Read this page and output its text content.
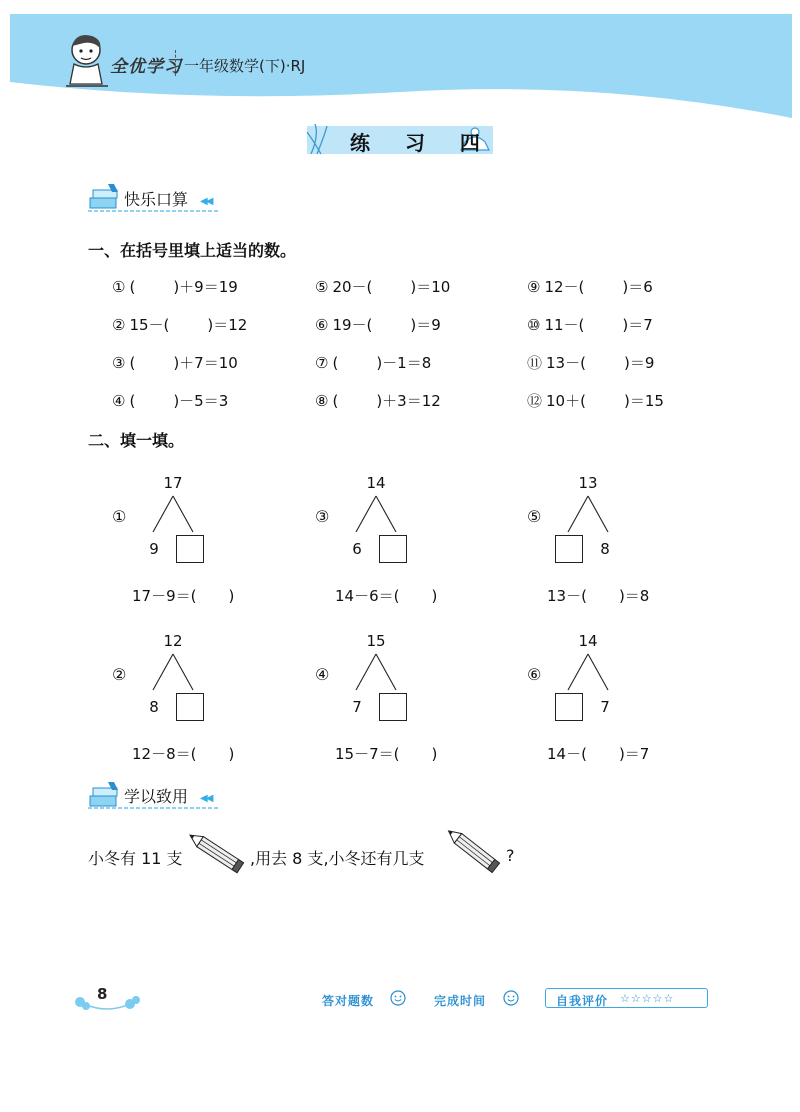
全优学习 一年级数学(下)·RJ
练 习 四
快乐口算 ◀◀
一、在括号里填上适当的数。
① (	)＋9＝19	⑤ 20－(	)＝10	⑨ 12－(	)＝6
② 15－(	)＝12	⑥ 19－(	)＝9	⑩ 11－(	)＝7
③ (	)＋7＝10	⑦ (	)－1＝8	⑪ 13－(	)＝9
④ (	)－5＝3	⑧ (	)＋3＝12	⑫ 10＋(	)＝15
二、填一填。
①
17
9
17－9＝( )
③
14
6
14－6＝( )
⑤
13
8
13－( )＝8
②
12
8
12－8＝( )
④
15
7
15－7＝( )
⑥
14
7
14－( )＝7
学以致用 ◀◀
小冬有 11 支	,用去 8 支,小冬还有几支	?
8	答对题数	完成时间	自我评价 ☆☆☆☆☆
